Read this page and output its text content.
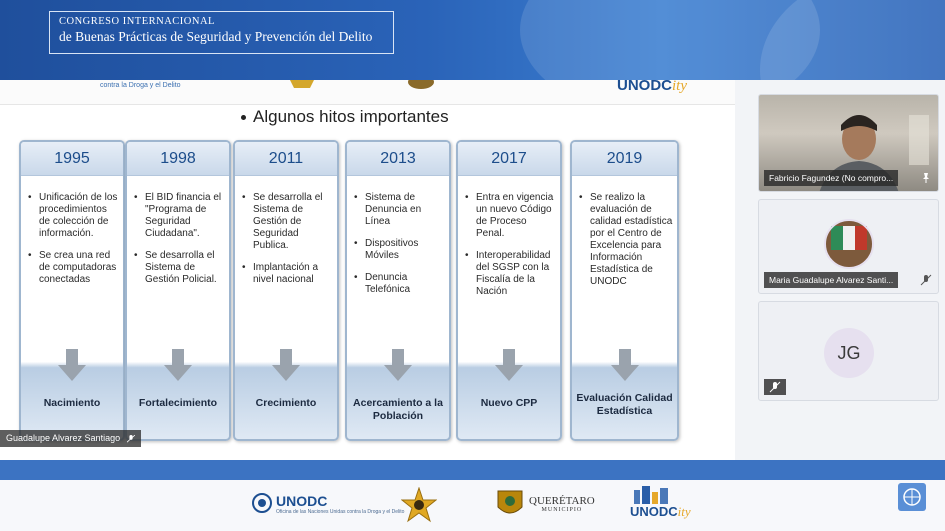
CONGRESO INTERNACIONAL
de Buenas Prácticas de Seguridad y Prevención del Delito
contra la Droga y el Delito	UNODCity
Algunos hitos importantes
1995
• Unificación de los procedimientos de colección de información.
• Se crea una red de computadoras conectadas
Nacimiento
1998
• El BID financia el "Programa de Seguridad Ciudadana".
• Se desarrolla el Sistema de Gestión Policial.
Fortalecimiento
2011
• Se desarrolla el Sistema de Gestión de Seguridad Publica.
• Implantación a nivel nacional
Crecimiento
2013
• Sistema de Denuncia en Línea
• Dispositivos Móviles
• Denuncia Telefónica
Acercamiento a la Población
2017
• Entra en vigencia un nuevo Código de Proceso Penal.
• Interoperabilidad del SGSP con la Fiscalía de la Nación
Nuevo CPP
2019
• Se realizo la evaluación de calidad estadística por el Centro de Excelencia para Información Estadística de UNODC
Evaluación Calidad Estadística
Guadalupe Alvarez Santiago
Fabricio Fagundez (No compro...
Maria Guadalupe Alvarez Santi...
JG
UNODC
Oficina de las Naciones Unidas contra la Droga y el Delito
QUERÉTARO
MUNICIPIO	UNODCity
